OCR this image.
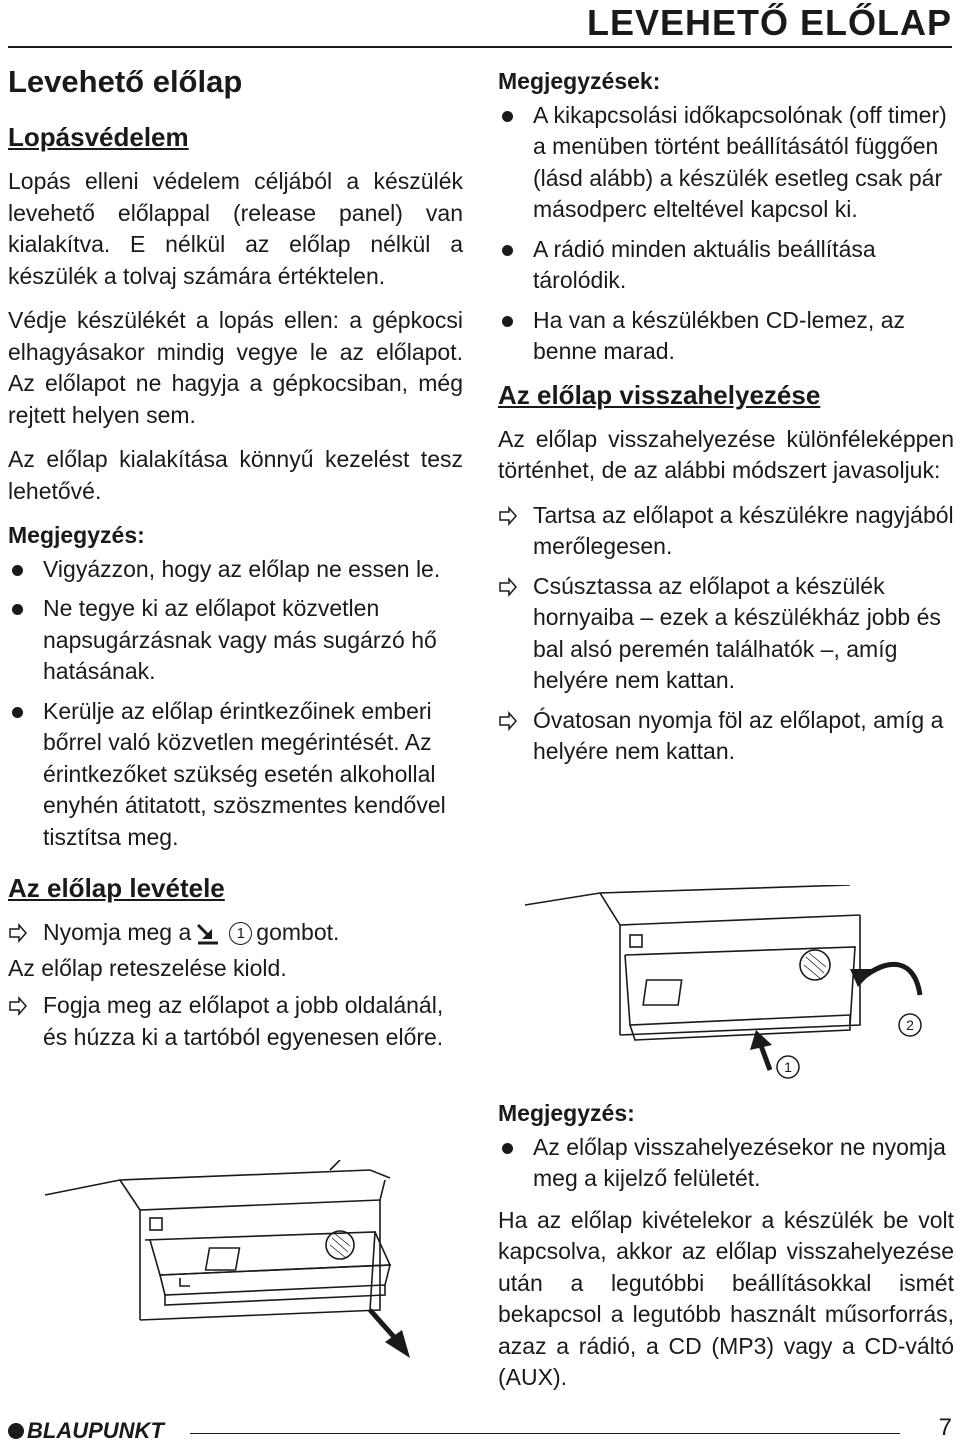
LEVEHETŐ ELŐLAP
Levehető előlap
Lopásvédelem

Lopás elleni védelem céljából a készülék levehető előlappal (release panel) van kialakítva. E nélkül az előlap nélkül a készülék a tolvaj számára értéktelen.

Védje készülékét a lopás ellen: a gépkocsi elhagyásakor mindig vegye le az előlapot. Az előlapot ne hagyja a gépkocsiban, még rejtett helyen sem.

Az előlap kialakítása könnyű kezelést tesz lehetővé.

Megjegyzés:
Vigyázzon, hogy az előlap ne essen le.
Ne tegye ki az előlapot közvetlen napsugárzásnak vagy más sugárzó hő hatásának.
Kerülje az előlap érintkezőinek emberi bőrrel való közvetlen megérintését. Az érintkezőket szükség esetén alkohollal enyhén átitatott, szöszmentes kendővel tisztítsa meg.
Az előlap levétele
Nyomja meg a	1 gombot.

Az előlap reteszelése kiold.

Fogja meg az előlapot a jobb oldalánál, és húzza ki a tartóból egyenesen előre.
Megjegyzések:
A kikapcsolási időkapcsolónak (off timer) a menüben történt beállításától függően (lásd alább) a készülék esetleg csak pár másodperc elteltével kapcsol ki.
A rádió minden aktuális beállítása tárolódik.
Ha van a készülékben CD-lemez, az benne marad.
Az előlap visszahelyezése

Az előlap visszahelyezése különféleképpen történhet, de az alábbi módszert javasoljuk:

Tartsa az előlapot a készülékre nagyjából merőlegesen.
Csúsztassa az előlapot a készülék hornyaiba – ezek a készülékház jobb és bal alsó peremén találhatók –, amíg helyére nem kattan.
Óvatosan nyomja föl az előlapot, amíg a helyére nem kattan.
2
1
Megjegyzés:
Az előlap visszahelyezésekor ne nyomja meg a kijelző felületét.

Ha az előlap kivételekor a készülék be volt kapcsolva, akkor az előlap visszahelyezése után a legutóbbi beállításokkal ismét bekapcsol a legutóbb használt műsorforrás, azaz a rádió, a CD (MP3) vagy a CD-váltó (AUX).

BLAUPUNKT	7
